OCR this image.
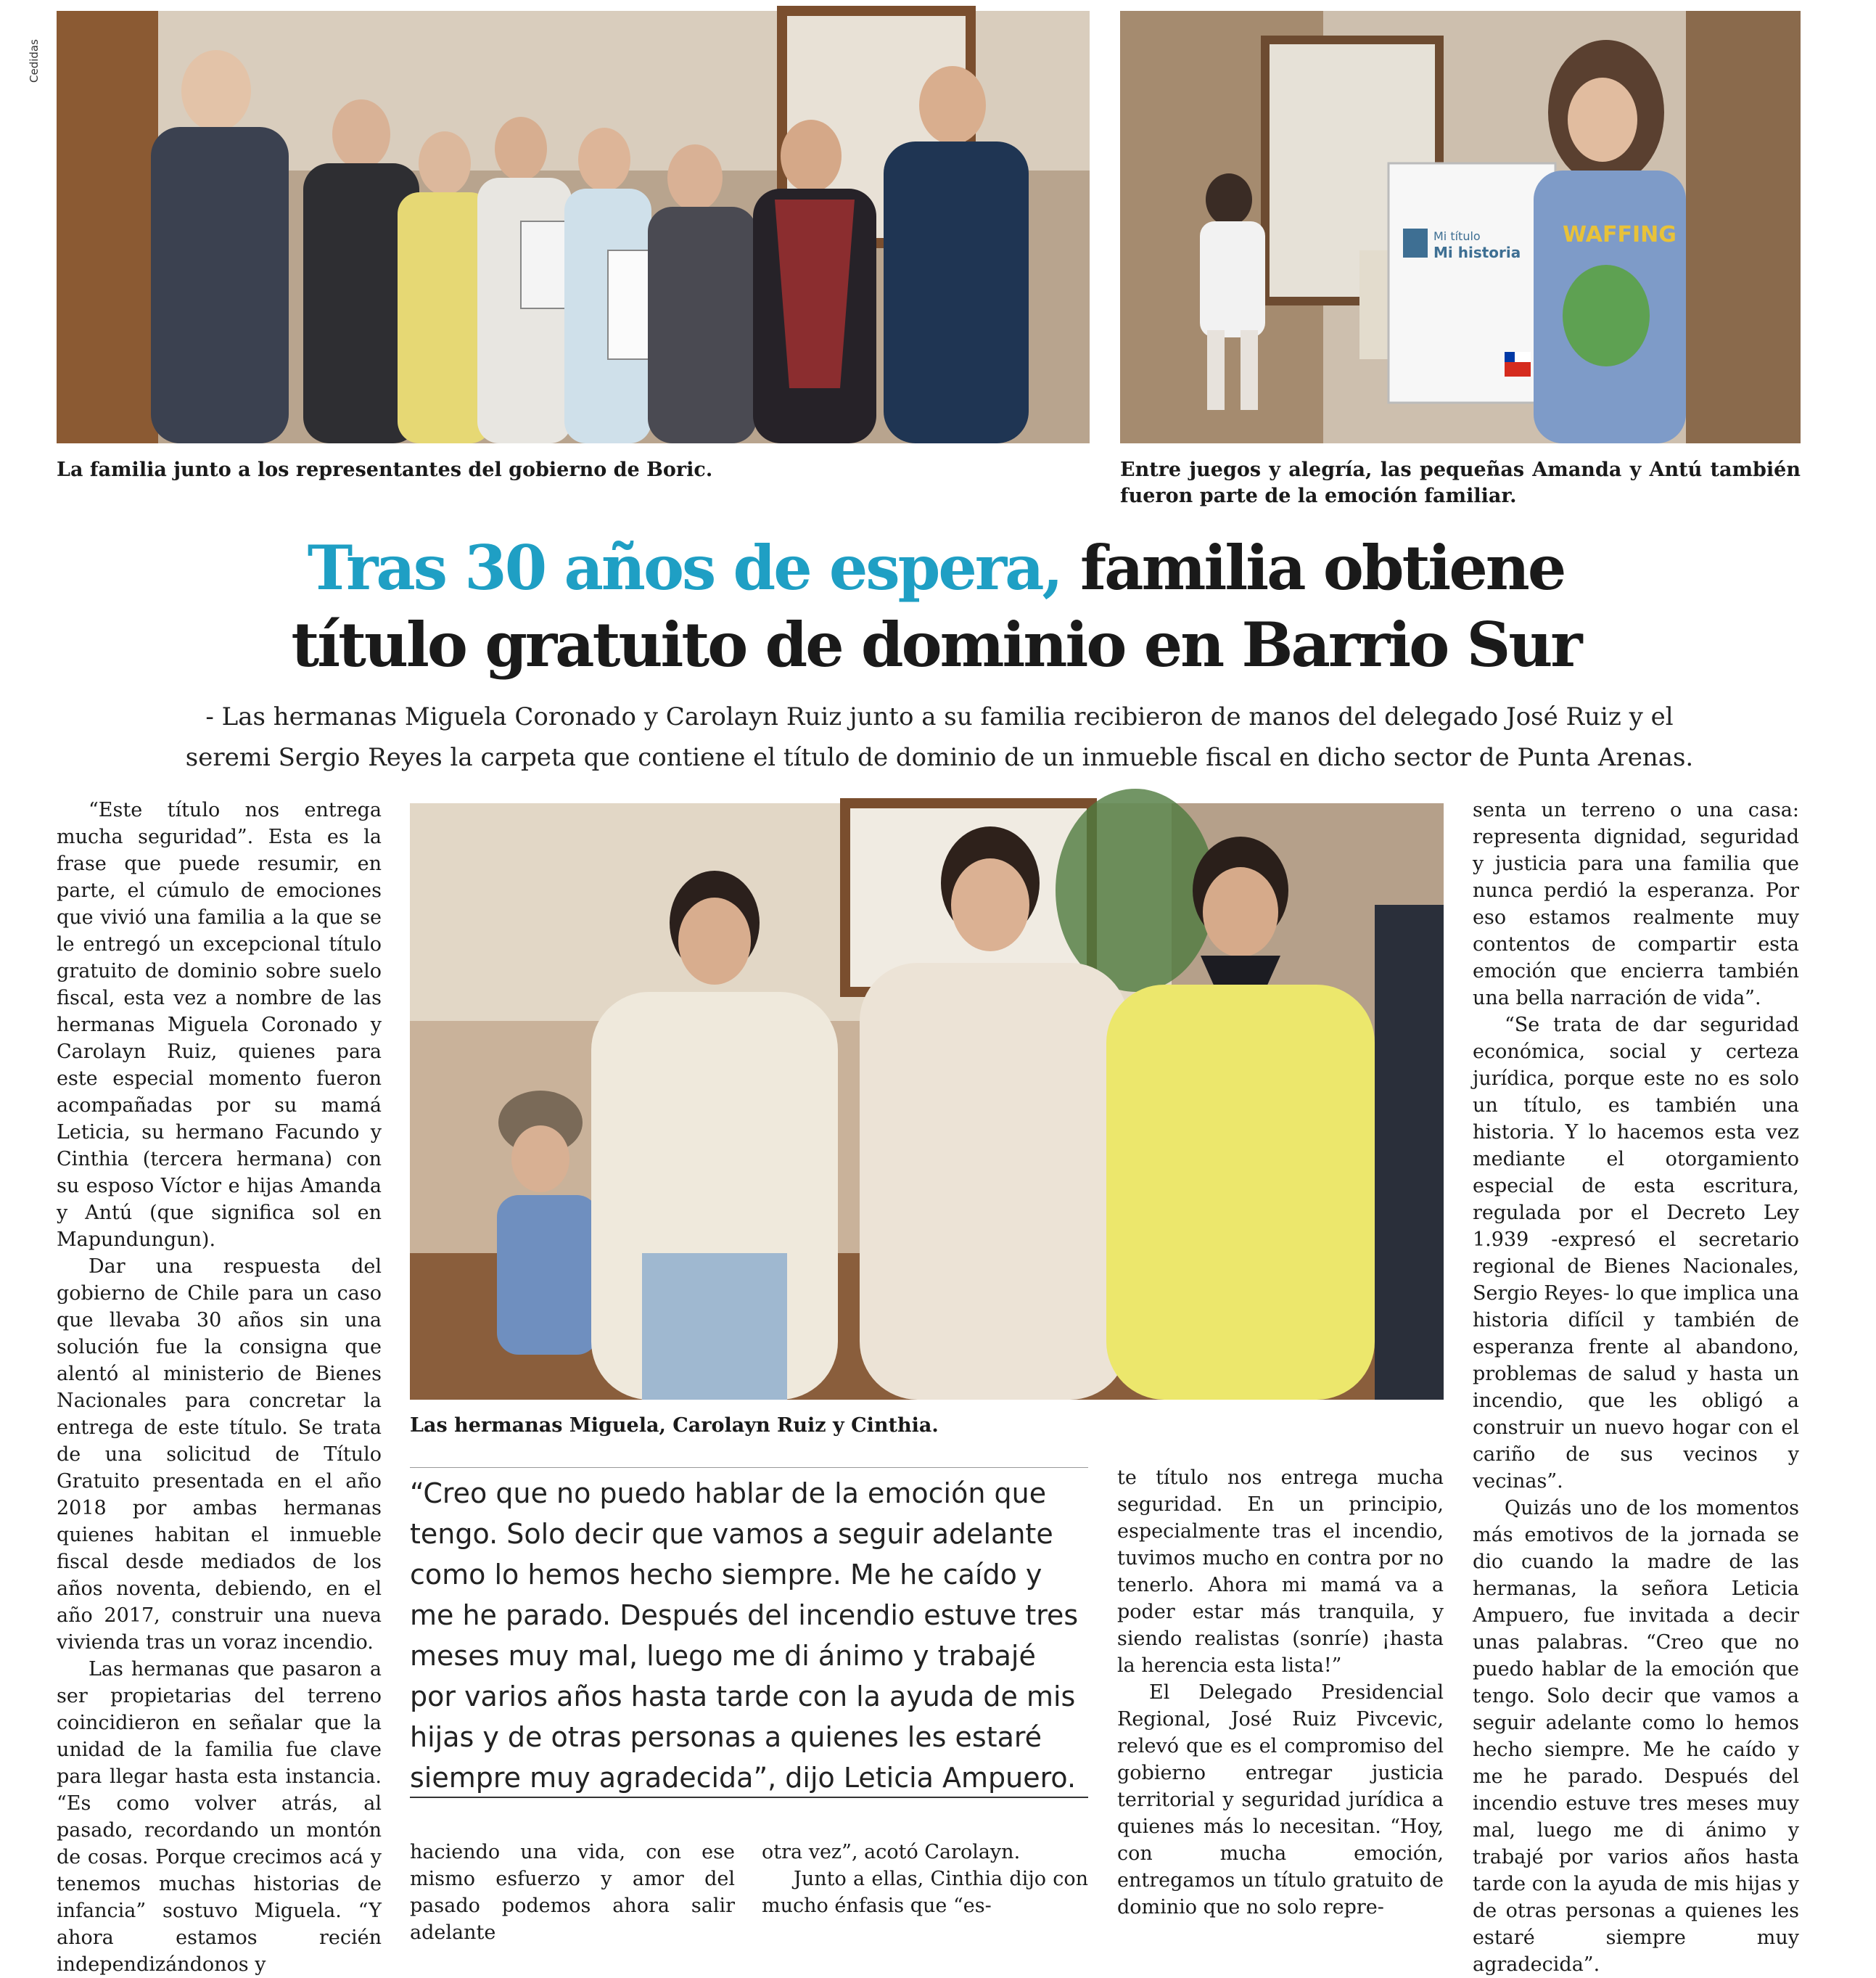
Cedidas
La familia junto a los representantes del gobierno de Boric.
Mi título
Mi historia
WAFFING
Entre juegos y alegría, las pequeñas Amanda y Antú también fueron parte de la emoción familiar.
Tras 30 años de espera, familia obtiene
título gratuito de dominio en Barrio Sur
- Las hermanas Miguela Coronado y Carolayn Ruiz junto a su familia recibieron de manos del delegado José Ruiz y el
seremi Sergio Reyes la carpeta que contiene el título de dominio de un inmueble fiscal en dicho sector de Punta Arenas.

“Este título nos entrega mucha seguridad”. Esta es la frase que puede resumir, en parte, el cúmulo de emociones que vivió una familia a la que se le entregó un excepcional título gratuito de dominio sobre suelo fiscal, esta vez a nombre de las hermanas Miguela Coronado y Carolayn Ruiz, quienes para este especial momento fueron acompañadas por su mamá Leticia, su hermano Facundo y Cinthia (tercera hermana) con su esposo Víctor e hijas Amanda y Antú (que significa sol en Mapundungun).

Dar una respuesta del gobierno de Chile para un caso que llevaba 30 años sin una solución fue la consigna que alentó al ministerio de Bienes Nacionales para concretar la entrega de este título. Se trata de una solicitud de Título Gratuito presentada en el año 2018 por ambas hermanas quienes habitan el inmueble fiscal desde mediados de los años noventa, debiendo, en el año 2017, construir una nueva vivienda tras un voraz incendio.

Las hermanas que pasaron a ser propietarias del terreno coincidieron en señalar que la unidad de la familia fue clave para llegar hasta esta instancia. “Es como volver atrás, al pasado, recordando un montón de cosas. Porque crecimos acá y tenemos muchas historias de infancia” sostuvo Miguela. “Y ahora estamos recién independizándonos y

Las hermanas Miguela, Carolayn Ruiz y Cinthia.
“Creo que no puedo hablar de la emoción que tengo. Solo decir que vamos a seguir adelante como lo hemos hecho siempre. Me he caído y me he parado. Después del incendio estuve tres meses muy mal, luego me di ánimo y trabajé por varios años hasta tarde con la ayuda de mis hijas y de otras personas a quienes les estaré siempre muy agradecida”, dijo Leticia Ampuero.

haciendo una vida, con ese mismo esfuerzo y amor del pasado podemos ahora salir adelante

otra vez”, acotó Carolayn.

Junto a ellas, Cinthia dijo con mucho énfasis que “es-

te título nos entrega mucha seguridad. En un principio, especialmente tras el incendio, tuvimos mucho en contra por no tenerlo. Ahora mi mamá va a poder estar más tranquila, y siendo realistas (sonríe) ¡hasta la herencia esta lista!”

El Delegado Presidencial Regional, José Ruiz Pivcevic, relevó que es el compromiso del gobierno entregar justicia territorial y seguridad jurídica a quienes más lo necesitan. “Hoy, con mucha emoción, entregamos un título gratuito de dominio que no solo repre-

senta un terreno o una casa: representa dignidad, seguridad y justicia para una familia que nunca perdió la esperanza. Por eso estamos realmente muy contentos de compartir esta emoción que encierra también una bella narración de vida”.

“Se trata de dar seguridad económica, social y certeza jurídica, porque este no es solo un título, es también una historia. Y lo hacemos esta vez mediante el otorgamiento especial de esta escritura, regulada por el Decreto Ley 1.939 -expresó el secretario regional de Bienes Nacionales, Sergio Reyes- lo que implica una historia difícil y también de esperanza frente al abandono, problemas de salud y hasta un incendio, que les obligó a construir un nuevo hogar con el cariño de sus vecinos y vecinas”.

Quizás uno de los momentos más emotivos de la jornada se dio cuando la madre de las hermanas, la señora Leticia Ampuero, fue invitada a decir unas palabras. “Creo que no puedo hablar de la emoción que tengo. Solo decir que vamos a seguir adelante como lo hemos hecho siempre. Me he caído y me he parado. Después del incendio estuve tres meses muy mal, luego me di ánimo y trabajé por varios años hasta tarde con la ayuda de mis hijas y de otras personas a quienes les estaré siempre muy agradecida”.
